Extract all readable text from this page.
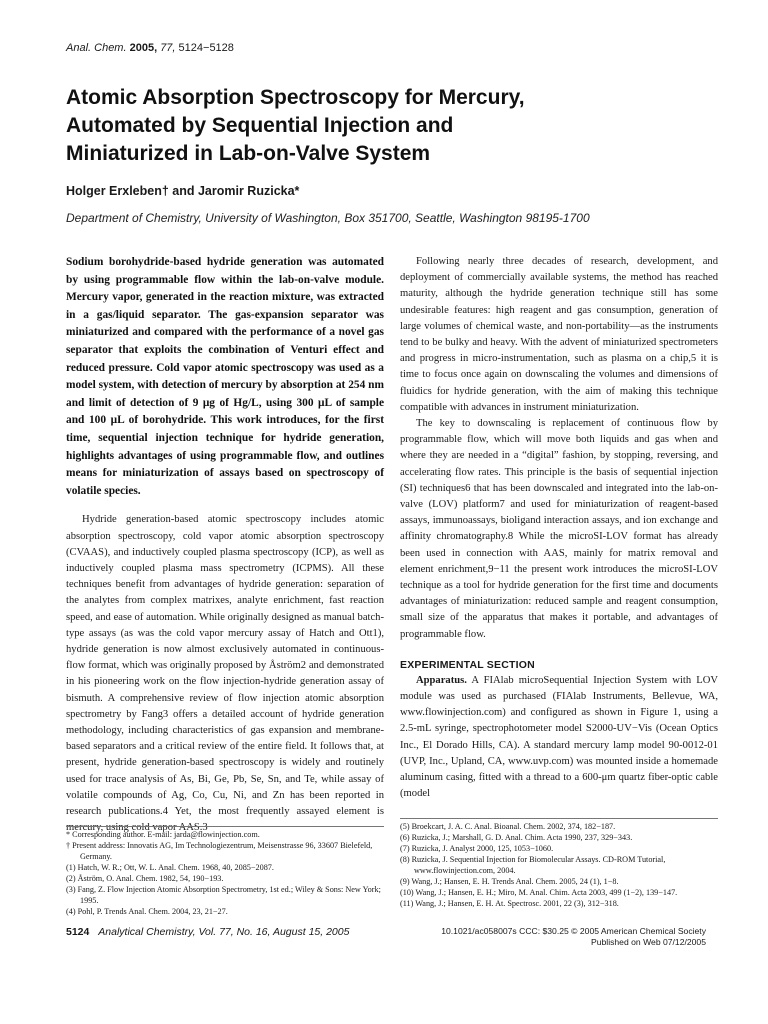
Anal. Chem. 2005, 77, 5124−5128
Atomic Absorption Spectroscopy for Mercury,
Automated by Sequential Injection and
Miniaturized in Lab-on-Valve System
Holger Erxleben† and Jaromir Ruzicka*
Department of Chemistry, University of Washington, Box 351700, Seattle, Washington 98195-1700

Sodium borohydride-based hydride generation was automated by using programmable flow within the lab-on-valve module. Mercury vapor, generated in the reaction mixture, was extracted in a gas/liquid separator. The gas-expansion separator was miniaturized and compared with the performance of a novel gas separator that exploits the combination of Venturi effect and reduced pressure. Cold vapor atomic spectroscopy was used as a model system, with detection of mercury by absorption at 254 nm and limit of detection of 9 μg of Hg/L, using 300 μL of sample and 100 μL of borohydride. This work introduces, for the first time, sequential injection technique for hydride generation, highlights advantages of using programmable flow, and outlines means for miniaturization of assays based on spectroscopy of volatile species.

Hydride generation-based atomic spectroscopy includes atomic absorption spectroscopy, cold vapor atomic absorption spectroscopy (CVAAS), and inductively coupled plasma spectroscopy (ICP), as well as inductively coupled plasma mass spectrometry (ICPMS). All these techniques benefit from advantages of hydride generation: separation of the analytes from complex matrixes, analyte enrichment, fast reaction speed, and ease of automation. While originally designed as manual batch-type assays (as was the cold vapor mercury assay of Hatch and Ott1), hydride generation is now almost exclusively automated in continuous-flow format, which was originally proposed by Åström2 and demonstrated in his pioneering work on the flow injection-hydride generation assay of bismuth. A comprehensive review of flow injection atomic absorption spectrometry by Fang3 offers a detailed account of hydride generation methodology, including characteristics of gas expansion and membrane-based separators and a critical review of the entire field. It follows that, at present, hydride generation-based spectroscopy is widely and routinely used for trace analysis of As, Bi, Ge, Pb, Se, Sn, and Te, while assay of volatile compounds of Ag, Co, Cu, Ni, and Zn has been reported in research publications.4 Yet, the most frequently assayed element is mercury, using cold vapor AAS.3

Following nearly three decades of research, development, and deployment of commercially available systems, the method has reached maturity, although the hydride generation technique still has some undesirable features: high reagent and gas consumption, generation of large volumes of chemical waste, and non-portability—as the instruments tend to be bulky and heavy. With the advent of miniaturized spectrometers and progress in micro-instrumentation, such as plasma on a chip,5 it is time to focus once again on downscaling the volumes and dimensions of fluidics for hydride generation, with the aim of making this technique compatible with advances in instrument miniaturization.

The key to downscaling is replacement of continuous flow by programmable flow, which will move both liquids and gas when and where they are needed in a “digital” fashion, by stopping, reversing, and accelerating flow rates. This principle is the basis of sequential injection (SI) techniques6 that has been downscaled and integrated into the lab-on-valve (LOV) platform7 and used for miniaturization of reagent-based assays, immunoassays, bioligand interaction assays, and ion exchange and affinity chromatography.8 While the microSI-LOV format has already been used in connection with AAS, mainly for matrix removal and element enrichment,9−11 the present work introduces the microSI-LOV technique as a tool for hydride generation for the first time and documents advantages of miniaturization: reduced sample and reagent consumption, small size of the apparatus that makes it portable, and advantages of programmable flow.

EXPERIMENTAL SECTION

Apparatus. A FIAlab microSequential Injection System with LOV module was used as purchased (FIAlab Instruments, Bellevue, WA, www.flowinjection.com) and configured as shown in Figure 1, using a 2.5-mL syringe, spectrophotometer model S2000-UV−Vis (Ocean Optics Inc., El Dorado Hills, CA). A standard mercury lamp model 90-0012-01 (UVP, Inc., Upland, CA, www.uvp.com) was mounted inside a homemade aluminum casing, fitted with a thread to a 600-μm quartz fiber-optic cable (model

* Corresponding author. E-mail: jarda@flowinjection.com.

† Present address: Innovatis AG, Im Technologiezentrum, Meisenstrasse 96, 33607 Bielefeld, Germany.

(1) Hatch, W. R.; Ott, W. L. Anal. Chem. 1968, 40, 2085−2087.

(2) Åström, O. Anal. Chem. 1982, 54, 190−193.

(3) Fang, Z. Flow Injection Atomic Absorption Spectrometry, 1st ed.; Wiley & Sons: New York; 1995.

(4) Pohl, P. Trends Anal. Chem. 2004, 23, 21−27.

(5) Broekcart, J. A. C. Anal. Bioanal. Chem. 2002, 374, 182−187.

(6) Ruzicka, J.; Marshall, G. D. Anal. Chim. Acta 1990, 237, 329−343.

(7) Ruzicka, J. Analyst 2000, 125, 1053−1060.

(8) Ruzicka, J. Sequential Injection for Biomolecular Assays. CD-ROM Tutorial, www.flowinjection.com, 2004.

(9) Wang, J.; Hansen, E. H. Trends Anal. Chem. 2005, 24 (1), 1−8.

(10) Wang, J.; Hansen, E. H.; Miro, M. Anal. Chim. Acta 2003, 499 (1−2), 139−147.

(11) Wang, J.; Hansen, E. H. At. Spectrosc. 2001, 22 (3), 312−318.

5124 Analytical Chemistry, Vol. 77, No. 16, August 15, 2005	10.1021/ac058007s CCC: $30.25 © 2005 American Chemical Society
Published on Web 07/12/2005
